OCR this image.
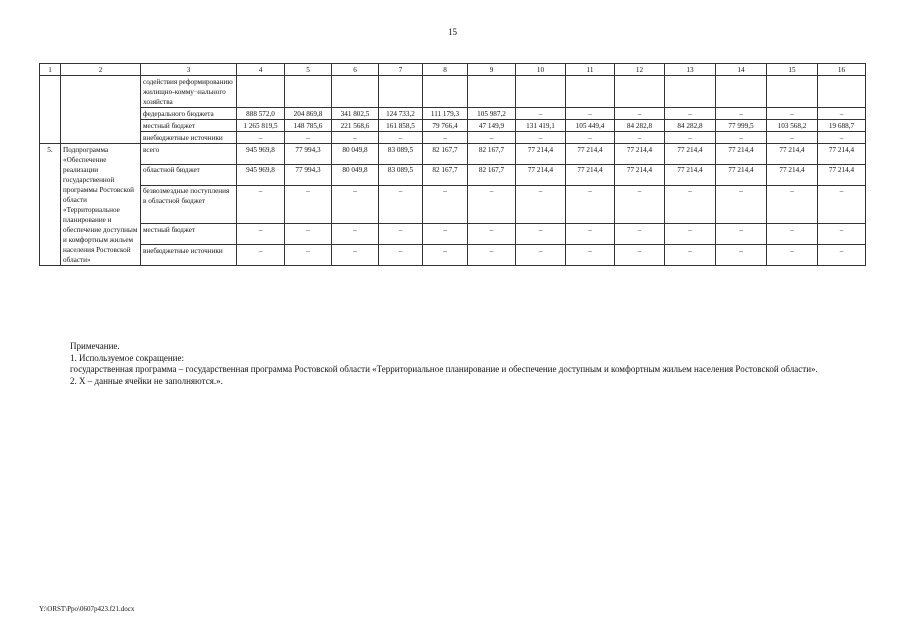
15
1	2	3	4	5	6	7	8	9	10	11	12	13	14	15	16
		содействия реформированию жилищно-комму¬нального хозяйства													
		федерального бюджета	888 572,0	204 869,8	341 802,5	124 733,2	111 179,3	105 987,2	–	–	–	–	–	–	–
		местный бюджет	1 265 819,5	148 785,6	221 568,6	161 858,5	79 766,4	47 149,9	131 419,1	105 449,4	84 282,8	84 282,8	77 999,5	103 568,2	19 688,7
		внебюджетные источники	–	–	–	–	–	–	–	–	–	–	–	–	–
5.	Подпрограмма «Обеспечение реализации государственной программы Ростовской области «Территориальное планирование и обеспечение доступным и комфортным жильем населения Ростовской области»	всего	945 969,8	77 994,3	80 049,8	83 089,5	82 167,7	82 167,7	77 214,4	77 214,4	77 214,4	77 214,4	77 214,4	77 214,4	77 214,4
		областной бюджет	945 969,8	77 994,3	80 049,8	83 089,5	82 167,7	82 167,7	77 214,4	77 214,4	77 214,4	77 214,4	77 214,4	77 214,4	77 214,4
		безвозмездные поступления в областной бюджет	–	–	–	–	–	–	–	–	–	–	–	–	–
		местный бюджет	–	–	–	–	–	–	–	–	–	–	–	–	–
		внебюджетные источники	–	–	–	–	–	–	–	–	–	–	–	–	–
Примечание.
1. Используемое сокращение:
государственная программа – государственная программа Ростовской области «Территориальное планирование и обеспечение доступным и комфортным жильем населения Ростовской области».
2. Х – данные ячейки не заполняются.».
Y:\ORST\Ppo\0607p423.f21.docx
